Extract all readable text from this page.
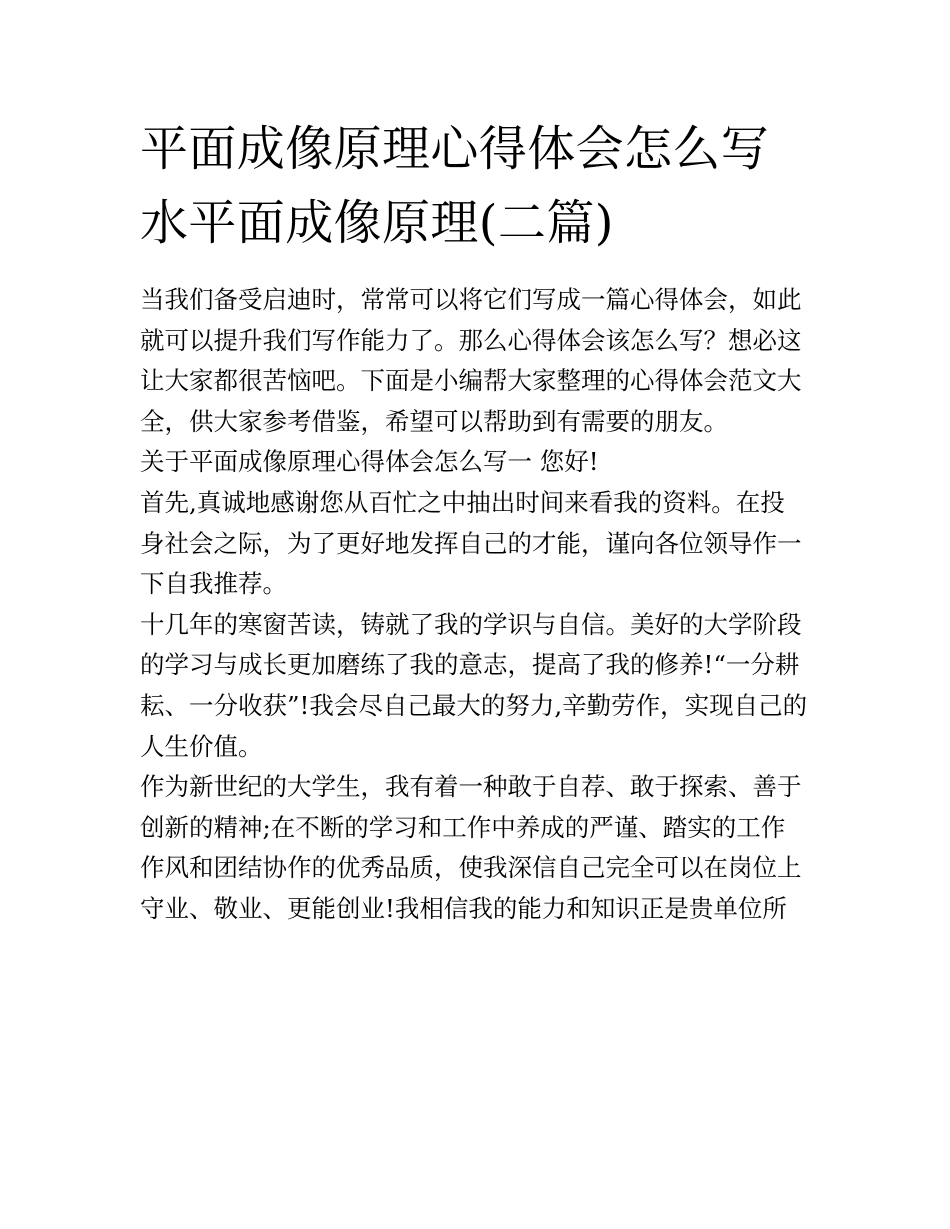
平面成像原理心得体会怎么写
水平面成像原理(二篇)

当我们备受启迪时，常常可以将它们写成一篇心得体会，如此
就可以提升我们写作能力了。那么心得体会该怎么写？想必这
让大家都很苦恼吧。下面是小编帮大家整理的心得体会范文大
全，供大家参考借鉴，希望可以帮助到有需要的朋友。

关于平面成像原理心得体会怎么写一 您好!

首先,真诚地感谢您从百忙之中抽出时间来看我的资料。在投
身社会之际，为了更好地发挥自己的才能，谨向各位领导作一
下自我推荐。

十几年的寒窗苦读，铸就了我的学识与自信。美好的大学阶段
的学习与成长更加磨练了我的意志，提高了我的修养!“一分耕
耘、一分收获”!我会尽自己最大的努力,辛勤劳作，实现自己的
人生价值。

作为新世纪的大学生，我有着一种敢于自荐、敢于探索、善于
创新的精神;在不断的学习和工作中养成的严谨、踏实的工作
作风和团结协作的优秀品质，使我深信自己完全可以在岗位上
守业、敬业、更能创业!我相信我的能力和知识正是贵单位所
